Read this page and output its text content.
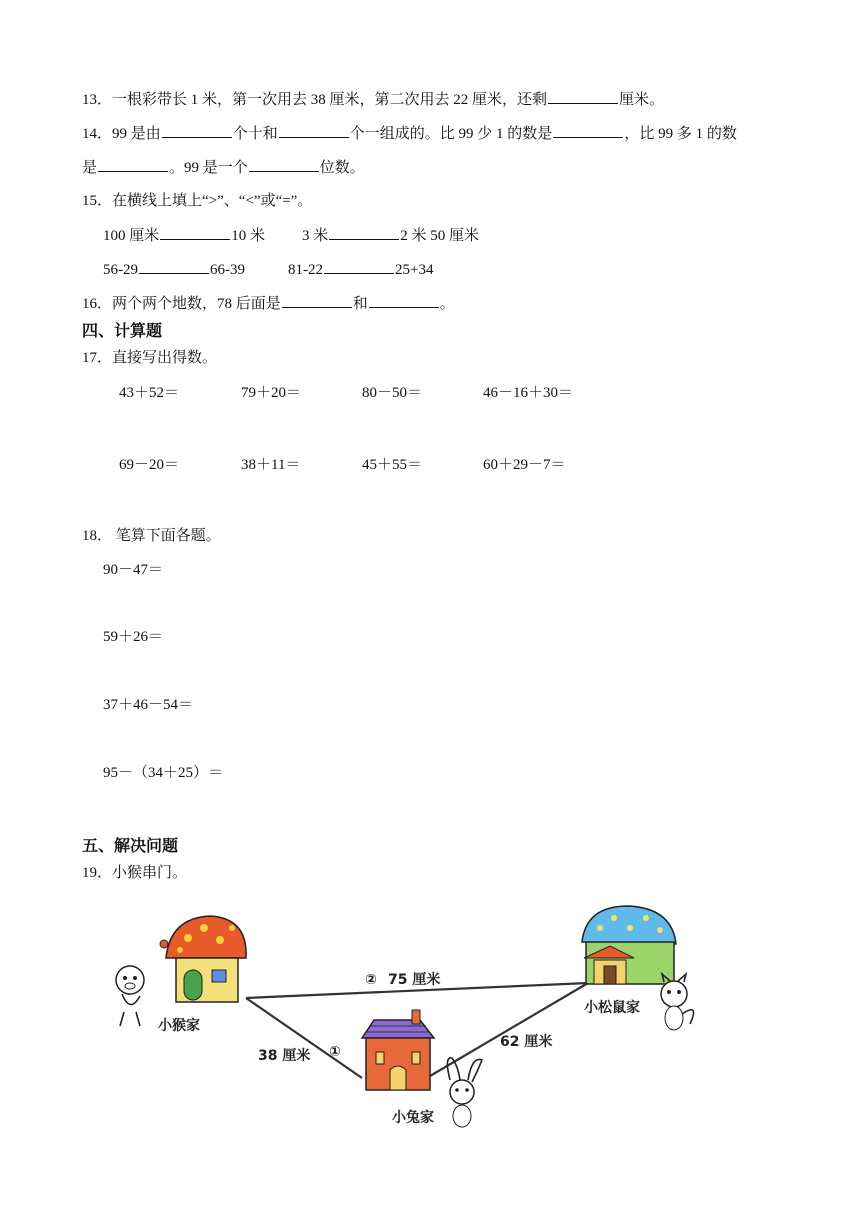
13．一根彩带长 1 米，第一次用去 38 厘米，第二次用去 22 厘米，还剩	厘米。
14．99 是由	个十和	个一组成的。比 99 少 1 的数是	，比 99 多 1 的数
是	。99 是一个	位数。
15．在横线上填上“>”、“<”或“=”。
100 厘米	10 米 3 米	2 米 50 厘米
56-29	66-39	81-22	25+34
16．两个两个地数，78 后面是	和	。
四、计算题
17．直接写出得数。
43＋52＝	79＋20＝	80－50＝	46－16＋30＝
69－20＝	38＋11＝	45＋55＝	60＋29－7＝
18． 笔算下面各题。
90－47＝
59＋26＝
37＋46－54＝
95－（34＋25）＝
五、解决问题
19．小猴串门。
小猴家
小松鼠家
小兔家
② 75 厘米
38 厘米 ①
62 厘米
